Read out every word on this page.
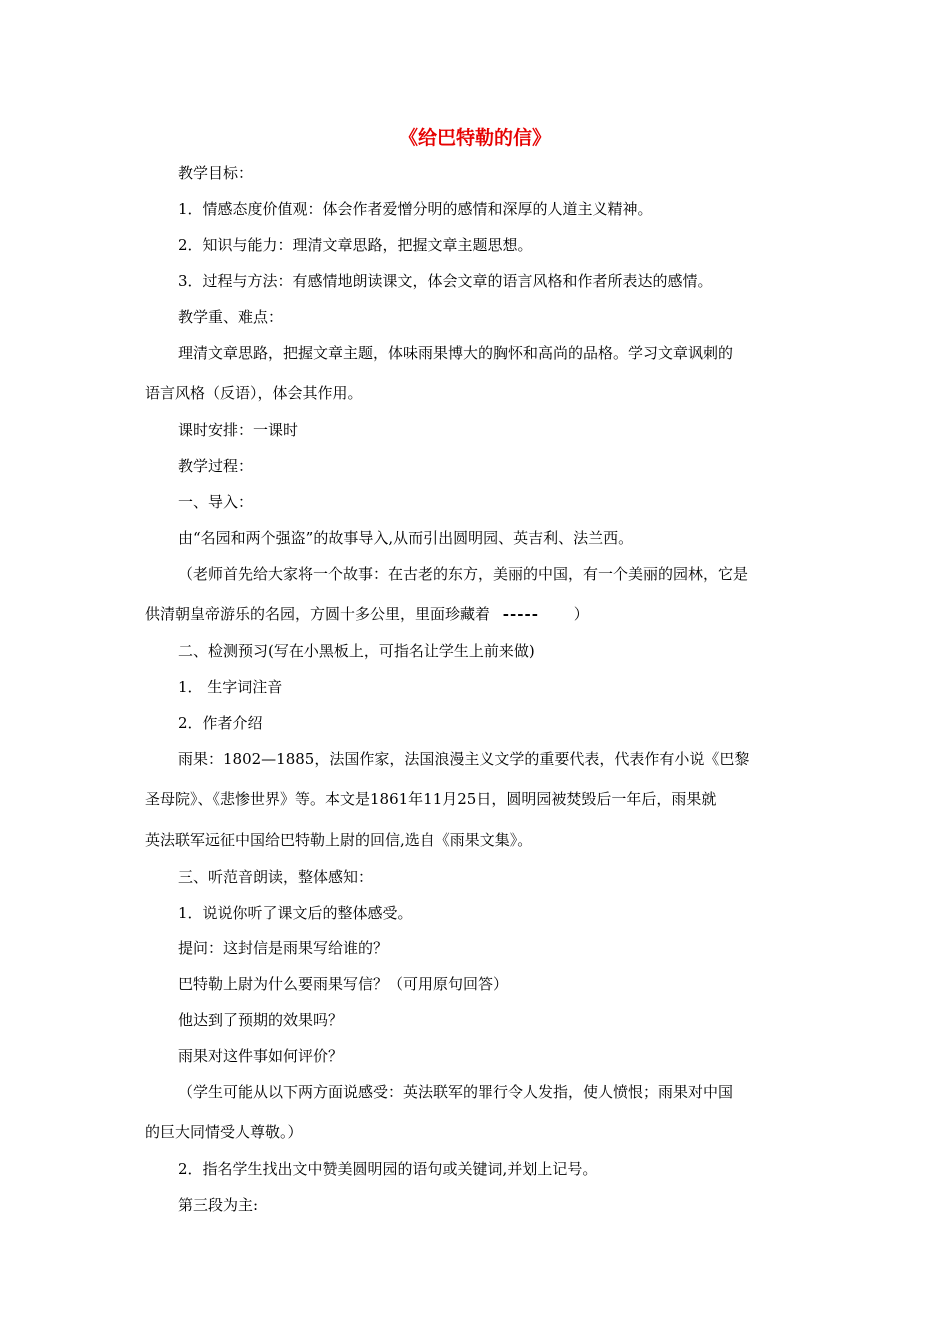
《给巴特勒的信》
教学目标：
1．情感态度价值观：体会作者爱憎分明的感情和深厚的人道主义精神。
2．知识与能力：理清文章思路，把握文章主题思想。
3．过程与方法：有感情地朗读课文，体会文章的语言风格和作者所表达的感情。
教学重、难点：
理清文章思路，把握文章主题，体味雨果博大的胸怀和高尚的品格。学习文章讽刺的
语言风格（反语），体会其作用。
课时安排：一课时
教学过程：
一、导入：
由“名园和两个强盗”的故事导入,从而引出圆明园、英吉利、法兰西。
（老师首先给大家将一个故事：在古老的东方，美丽的中国，有一个美丽的园林，它是
供清朝皇帝游乐的名园，方圆十多公里，里面珍藏着 ----- ）
二、检测预习(写在小黑板上，可指名让学生上前来做)
1． 生字词注音
2．作者介绍
雨果：1802—1885，法国作家，法国浪漫主义文学的重要代表，代表作有小说《巴黎
圣母院》、《悲惨世界》等。本文是1861年11月25日，圆明园被焚毁后一年后，雨果就
英法联军远征中国给巴特勒上尉的回信,选自《雨果文集》。
三、听范音朗读，整体感知：
1．说说你听了课文后的整体感受。
提问：这封信是雨果写给谁的？
巴特勒上尉为什么要雨果写信？（可用原句回答）
他达到了预期的效果吗？
雨果对这件事如何评价？
（学生可能从以下两方面说感受：英法联军的罪行令人发指，使人愤恨；雨果对中国
的巨大同情受人尊敬。）
2．指名学生找出文中赞美圆明园的语句或关键词,并划上记号。
第三段为主:
